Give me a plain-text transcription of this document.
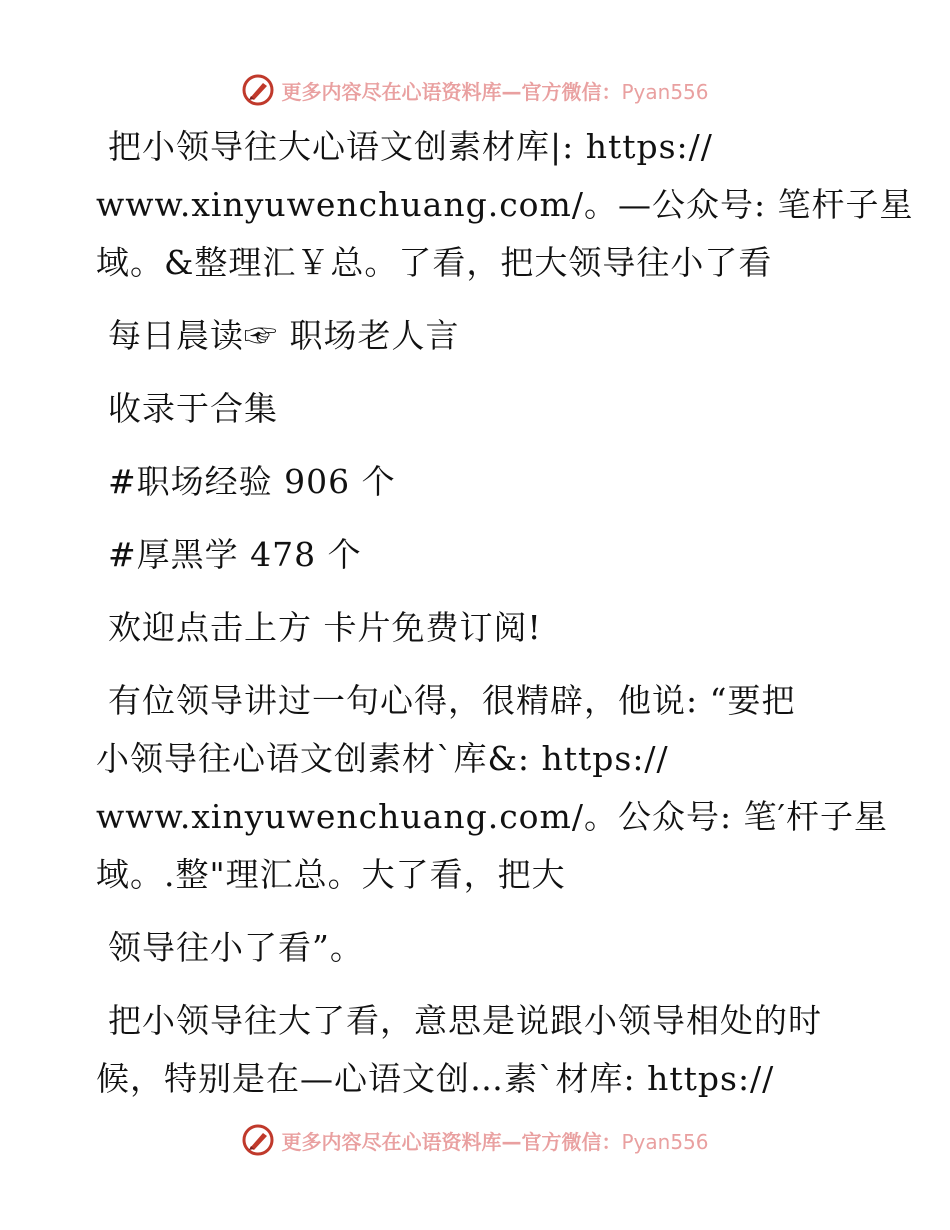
更多内容尽在心语资料库—官方微信：Pyan556
把小领导往大心语文创素材库|: https://
www.xinyuwenchuang.com/。—公众号: 笔杆子星
域。&整理汇￥总。了看，把大领导往小了看
每日晨读☞ 职场老人言
收录于合集
#职场经验 906 个
#厚黑学 478 个
欢迎点击上方 卡片免费订阅!
有位领导讲过一句心得，很精辟，他说: “要把
小领导往心语文创素材`库&: https://
www.xinyuwenchuang.com/。公众号: 笔′杆子星
域。.整"理汇总。大了看，把大
领导往小了看”。
把小领导往大了看，意思是说跟小领导相处的时
候，特别是在—心语文创…素`材库: https://
更多内容尽在心语资料库—官方微信：Pyan556
